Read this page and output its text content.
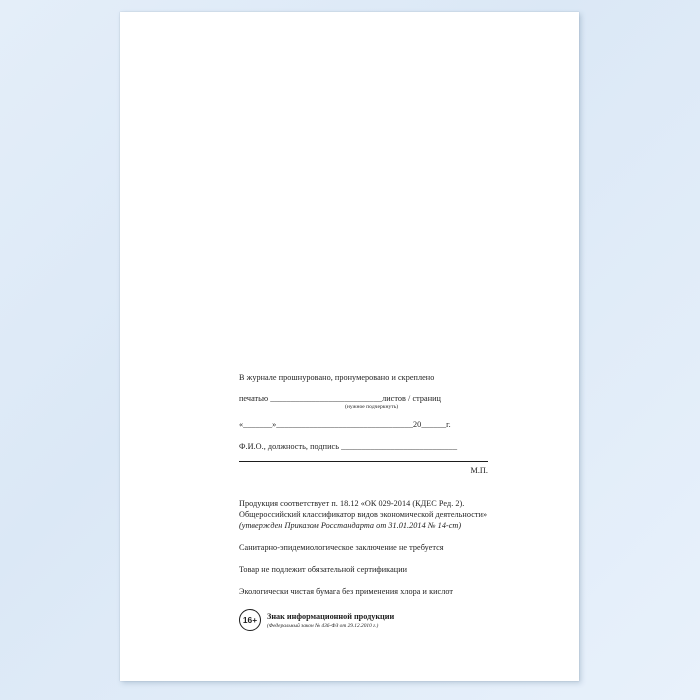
В журнале прошнуровано, пронумеровано и скреплено
печатью ___________________________листов / страниц
(нужное подчеркнуть)
«_______»_________________________________20______г.
Ф.И.О., должность, подпись ____________________________
М.П.
Продукция соответствует п. 18.12 «ОК 029-2014 (КДЕС Ред. 2).
Общероссийский классификатор видов экономической деятельности»
(утвержден Приказом Росстандарта от 31.01.2014 № 14-ст)
Санитарно-эпидемиологическое заключение не требуется
Товар не подлежит обязательной сертификации
Экологически чистая бумага без применения хлора и кислот
16+	Знак информационной продукции
(Федеральный закон № 436-ФЗ от 29.12.2010 г.)
